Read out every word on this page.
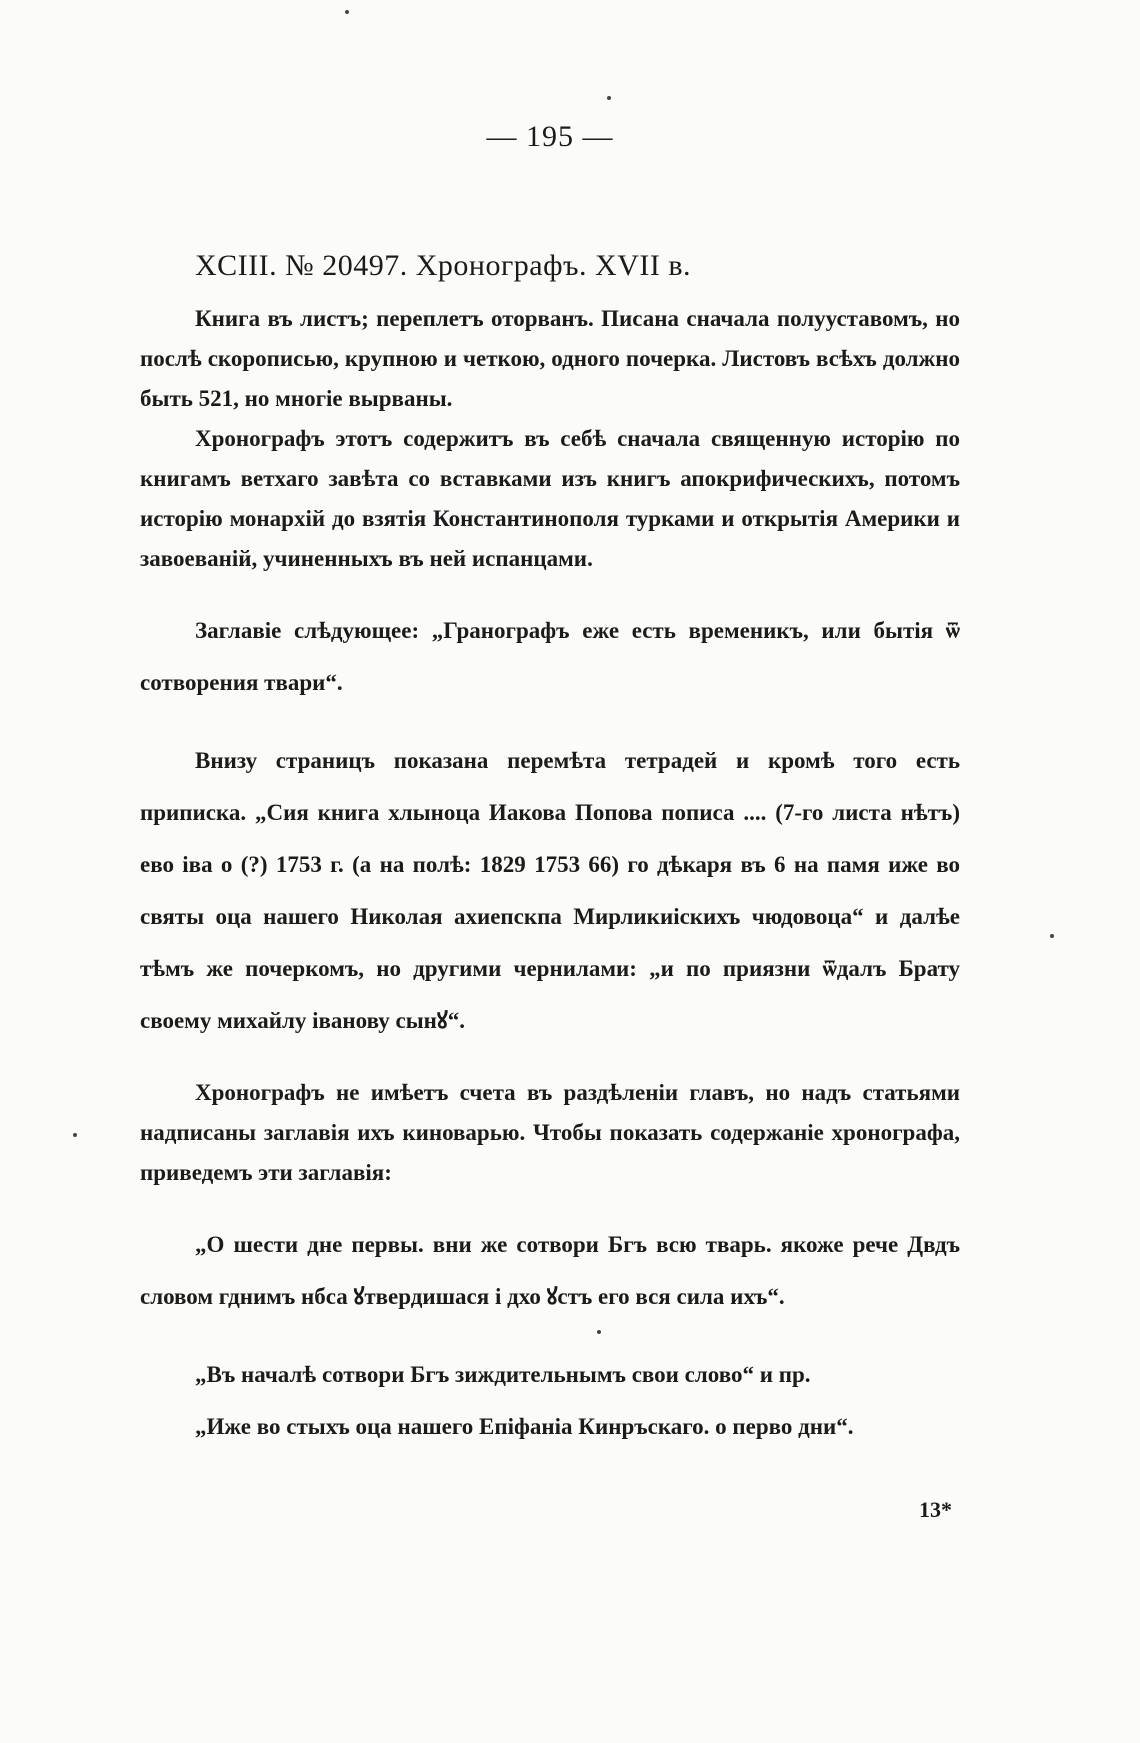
— 195 —
XCIII. № 20497. Хронографъ. XVII в.

Книга въ листъ; переплетъ оторванъ. Писана сначала полууставомъ, но послѣ скорописью, крупною и четкою, одного почерка. Листовъ всѣхъ должно быть 521, но многіе вырваны.

Хронографъ этотъ содержитъ въ себѣ сначала священную исторію по книгамъ ветхаго завѣта со вставками изъ книгъ апокрифическихъ, потомъ исторію монархій до взятія Константинополя турками и открытія Америки и завоеваній, учиненныхъ въ ней испанцами.

Заглавіе слѣдующее: „Гранографъ еже есть временикъ, или бытія ѿ сотворения твари“.

Внизу страницъ показана перемѣта тетрадей и кромѣ того есть приписка. „Сия книга хлыноца Иакова Попова пописа .... (7-го листа нѣтъ) ево іва о (?) 1753 г. (а на полѣ: 1829 1753 66) го дѣкаря въ 6 на памя иже во святы оца нашего Николая ахиепскпа Мирликиіскихъ чюдовоца“ и далѣе тѣмъ же почеркомъ, но другими чернилами: „и по приязни ѿдалъ Брату своему михайлу іванову сынꙋ“.

Хронографъ не имѣетъ счета въ раздѣленіи главъ, но надъ статьями надписаны заглавія ихъ киноварью. Чтобы показать содержаніе хронографа, приведемъ эти заглавія:

„О шести дне первы. вни же сотвори Бгъ всю тварь. якоже рече Двдъ словом гднимъ нбса ꙋтвердишася і дхо ꙋстъ его вся сила ихъ“.

„Въ началѣ сотвори Бгъ зиждительнымъ свои слово“ и пр.

„Иже во стыхъ оца нашего Епіфаніа Кинръскаго. о перво дни“.

13*
